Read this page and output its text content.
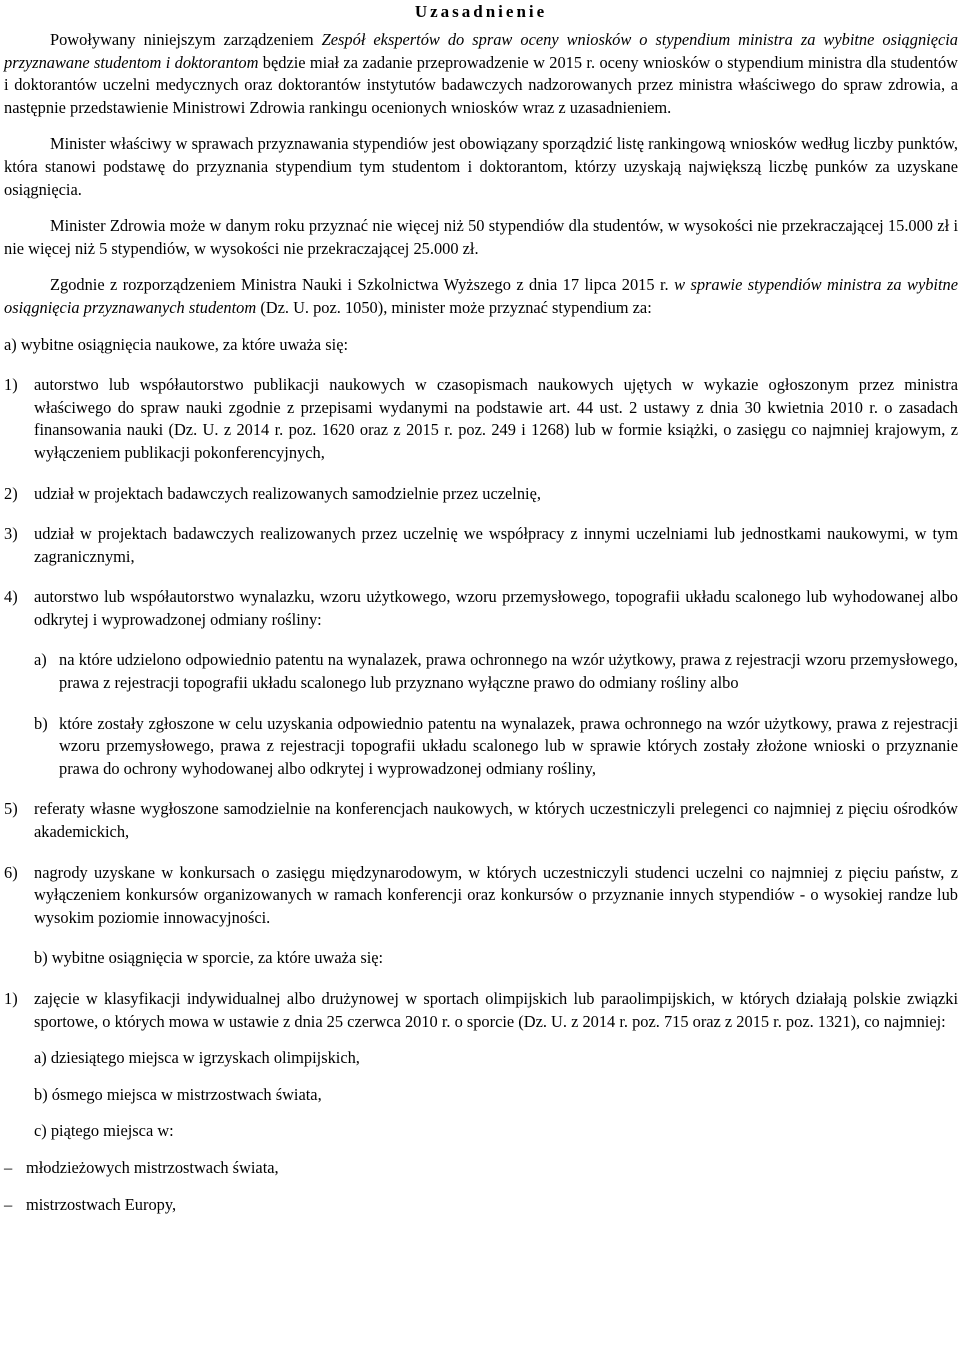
Uzasadnienie

Powoływany niniejszym zarządzeniem Zespół ekspertów do spraw oceny wniosków o stypendium ministra za wybitne osiągnięcia przyznawane studentom i doktorantom będzie miał za zadanie przeprowadzenie w 2015 r. oceny wniosków o stypendium ministra dla studentów i doktorantów uczelni medycznych oraz doktorantów instytutów badawczych nadzorowanych przez ministra właściwego do spraw zdrowia, a następnie przedstawienie Ministrowi Zdrowia rankingu ocenionych wniosków wraz z uzasadnieniem.

Minister właściwy w sprawach przyznawania stypendiów jest obowiązany sporządzić listę rankingową wniosków według liczby punktów, która stanowi podstawę do przyznania stypendium tym studentom i doktorantom, którzy uzyskają największą liczbę punków za uzyskane osiągnięcia.

Minister Zdrowia może w danym roku przyznać nie więcej niż 50 stypendiów dla studentów, w wysokości nie przekraczającej 15.000 zł i nie więcej niż 5 stypendiów, w wysokości nie przekraczającej 25.000 zł.

Zgodnie z rozporządzeniem Ministra Nauki i Szkolnictwa Wyższego z dnia 17 lipca 2015 r. w sprawie stypendiów ministra za wybitne osiągnięcia przyznawanych studentom (Dz. U. poz. 1050), minister może przyznać stypendium za:

a) wybitne osiągnięcia naukowe, za które uważa się:

1) autorstwo lub współautorstwo publikacji naukowych w czasopismach naukowych ujętych w wykazie ogłoszonym przez ministra właściwego do spraw nauki zgodnie z przepisami wydanymi na podstawie art. 44 ust. 2 ustawy z dnia 30 kwietnia 2010 r. o zasadach finansowania nauki (Dz. U. z 2014 r. poz. 1620 oraz z 2015 r. poz. 249 i 1268) lub w formie książki, o zasięgu co najmniej krajowym, z wyłączeniem publikacji pokonferencyjnych,
2) udział w projektach badawczych realizowanych samodzielnie przez uczelnię,
3) udział w projektach badawczych realizowanych przez uczelnię we współpracy z innymi uczelniami lub jednostkami naukowymi, w tym zagranicznymi,
4) autorstwo lub współautorstwo wynalazku, wzoru użytkowego, wzoru przemysłowego, topografii układu scalonego lub wyhodowanej albo odkrytej i wyprowadzonej odmiany rośliny:
a) na które udzielono odpowiednio patentu na wynalazek, prawa ochronnego na wzór użytkowy, prawa z rejestracji wzoru przemysłowego, prawa z rejestracji topografii układu scalonego lub przyznano wyłączne prawo do odmiany rośliny albo
b) które zostały zgłoszone w celu uzyskania odpowiednio patentu na wynalazek, prawa ochronnego na wzór użytkowy, prawa z rejestracji wzoru przemysłowego, prawa z rejestracji topografii układu scalonego lub w sprawie których zostały złożone wnioski o przyznanie prawa do ochrony wyhodowanej albo odkrytej i wyprowadzonej odmiany rośliny,
5) referaty własne wygłoszone samodzielnie na konferencjach naukowych, w których uczestniczyli prelegenci co najmniej z pięciu ośrodków akademickich,
6) nagrody uzyskane w konkursach o zasięgu międzynarodowym, w których uczestniczyli studenci uczelni co najmniej z pięciu państw, z wyłączeniem konkursów organizowanych w ramach konferencji oraz konkursów o przyznanie innych stypendiów - o wysokiej randze lub wysokim poziomie innowacyjności.

b) wybitne osiągnięcia w sporcie, za które uważa się:

1) zajęcie w klasyfikacji indywidualnej albo drużynowej w sportach olimpijskich lub paraolimpijskich, w których działają polskie związki sportowe, o których mowa w ustawie z dnia 25 czerwca 2010 r. o sporcie (Dz. U. z 2014 r. poz. 715 oraz z 2015 r. poz. 1321), co najmniej:

a) dziesiątego miejsca w igrzyskach olimpijskich,

b) ósmego miejsca w mistrzostwach świata,

c) piątego miejsca w:

– młodzieżowych mistrzostwach świata,
– mistrzostwach Europy,
